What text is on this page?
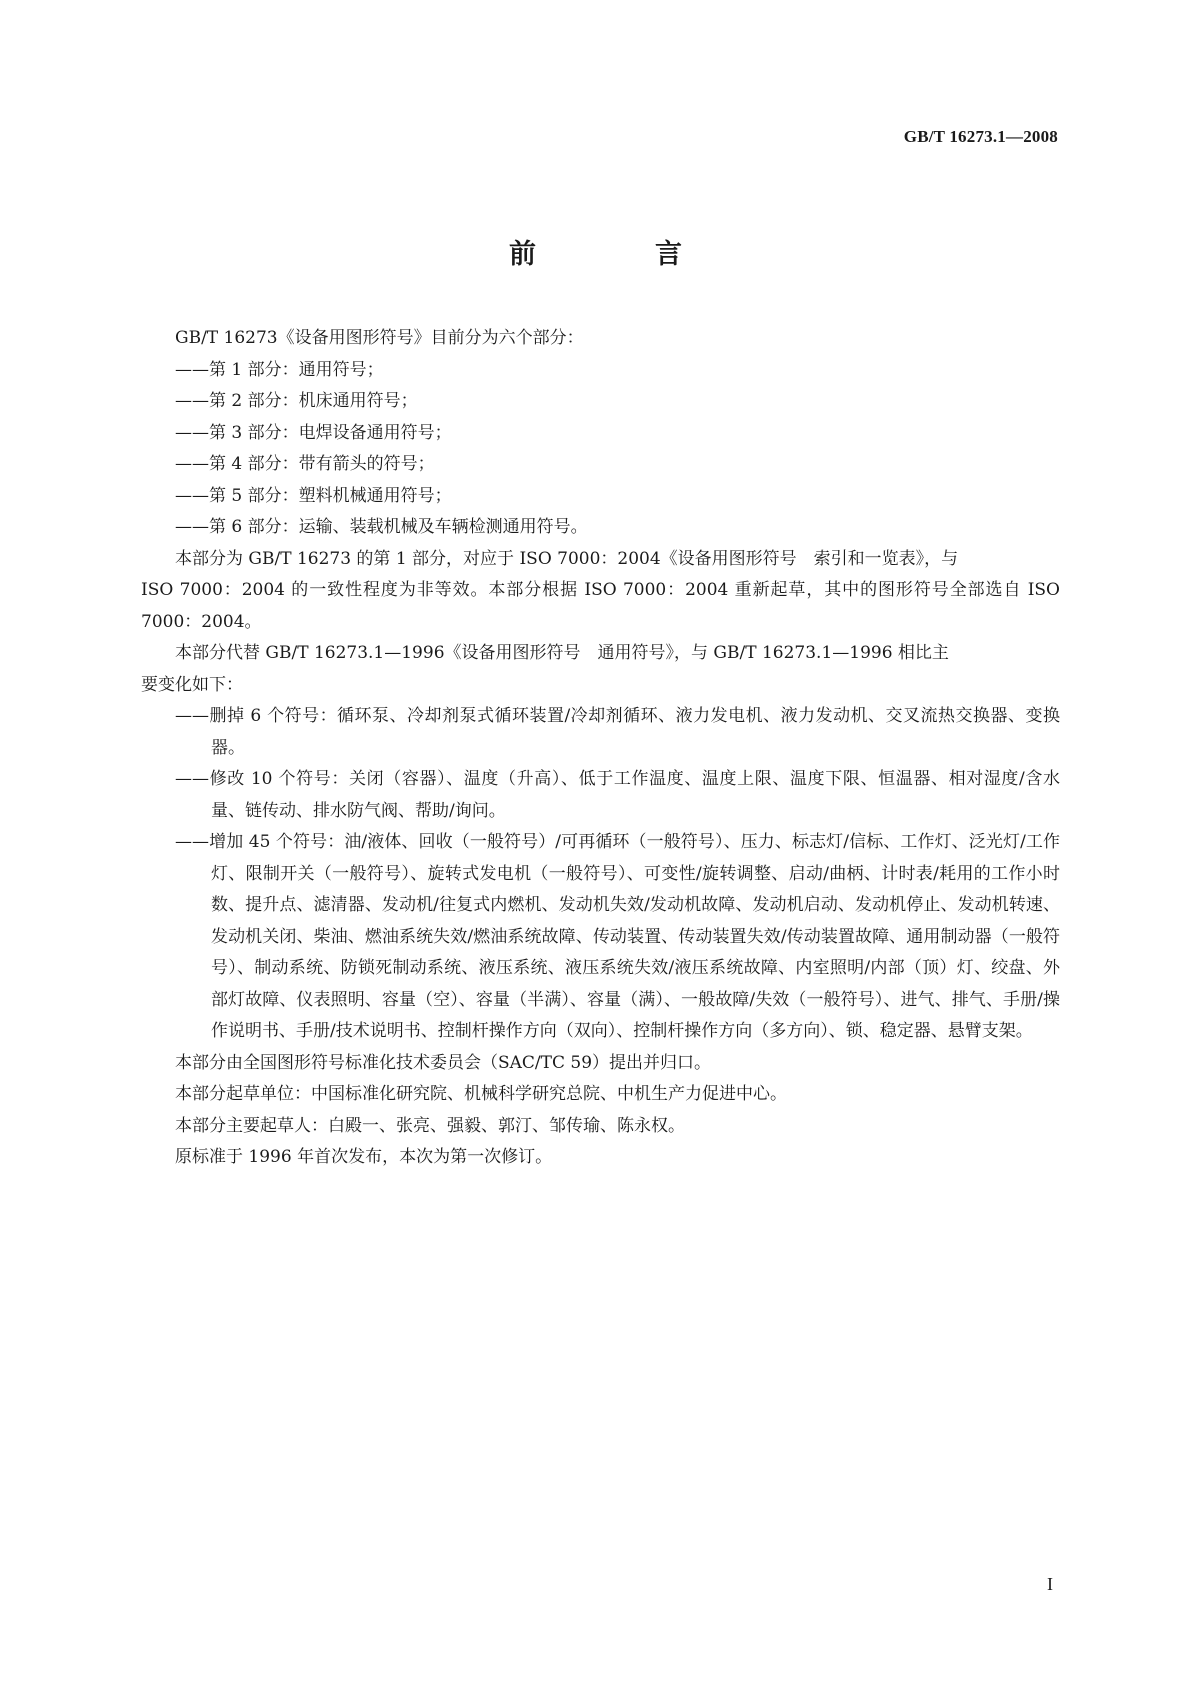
GB/T 16273.1—2008
前　言

GB/T 16273《设备用图形符号》目前分为六个部分：

——第 1 部分：通用符号；

——第 2 部分：机床通用符号；

——第 3 部分：电焊设备通用符号；

——第 4 部分：带有箭头的符号；

——第 5 部分：塑料机械通用符号；

——第 6 部分：运输、装载机械及车辆检测通用符号。

本部分为 GB/T 16273 的第 1 部分，对应于 ISO 7000：2004《设备用图形符号　索引和一览表》，与
ISO 7000：2004 的一致性程度为非等效。本部分根据 ISO 7000：2004 重新起草，其中的图形符号全部选自 ISO 7000：2004。

本部分代替 GB/T 16273.1—1996《设备用图形符号　通用符号》，与 GB/T 16273.1—1996 相比主
要变化如下：

——删掉 6 个符号：循环泵、冷却剂泵式循环装置/冷却剂循环、液力发电机、液力发动机、交叉流热交换器、变换器。

——修改 10 个符号：关闭（容器）、温度（升高）、低于工作温度、温度上限、温度下限、恒温器、相对湿度/含水量、链传动、排水防气阀、帮助/询问。

——增加 45 个符号：油/液体、回收（一般符号）/可再循环（一般符号）、压力、标志灯/信标、工作灯、泛光灯/工作灯、限制开关（一般符号）、旋转式发电机（一般符号）、可变性/旋转调整、启动/曲柄、计时表/耗用的工作小时数、提升点、滤清器、发动机/往复式内燃机、发动机失效/发动机故障、发动机启动、发动机停止、发动机转速、发动机关闭、柴油、燃油系统失效/燃油系统故障、传动装置、传动装置失效/传动装置故障、通用制动器（一般符号）、制动系统、防锁死制动系统、液压系统、液压系统失效/液压系统故障、内室照明/内部（顶）灯、绞盘、外部灯故障、仪表照明、容量（空）、容量（半满）、容量（满）、一般故障/失效（一般符号）、进气、排气、手册/操作说明书、手册/技术说明书、控制杆操作方向（双向）、控制杆操作方向（多方向）、锁、稳定器、悬臂支架。

本部分由全国图形符号标准化技术委员会（SAC/TC 59）提出并归口。

本部分起草单位：中国标准化研究院、机械科学研究总院、中机生产力促进中心。

本部分主要起草人：白殿一、张亮、强毅、郭汀、邹传瑜、陈永权。

原标准于 1996 年首次发布，本次为第一次修订。

I
